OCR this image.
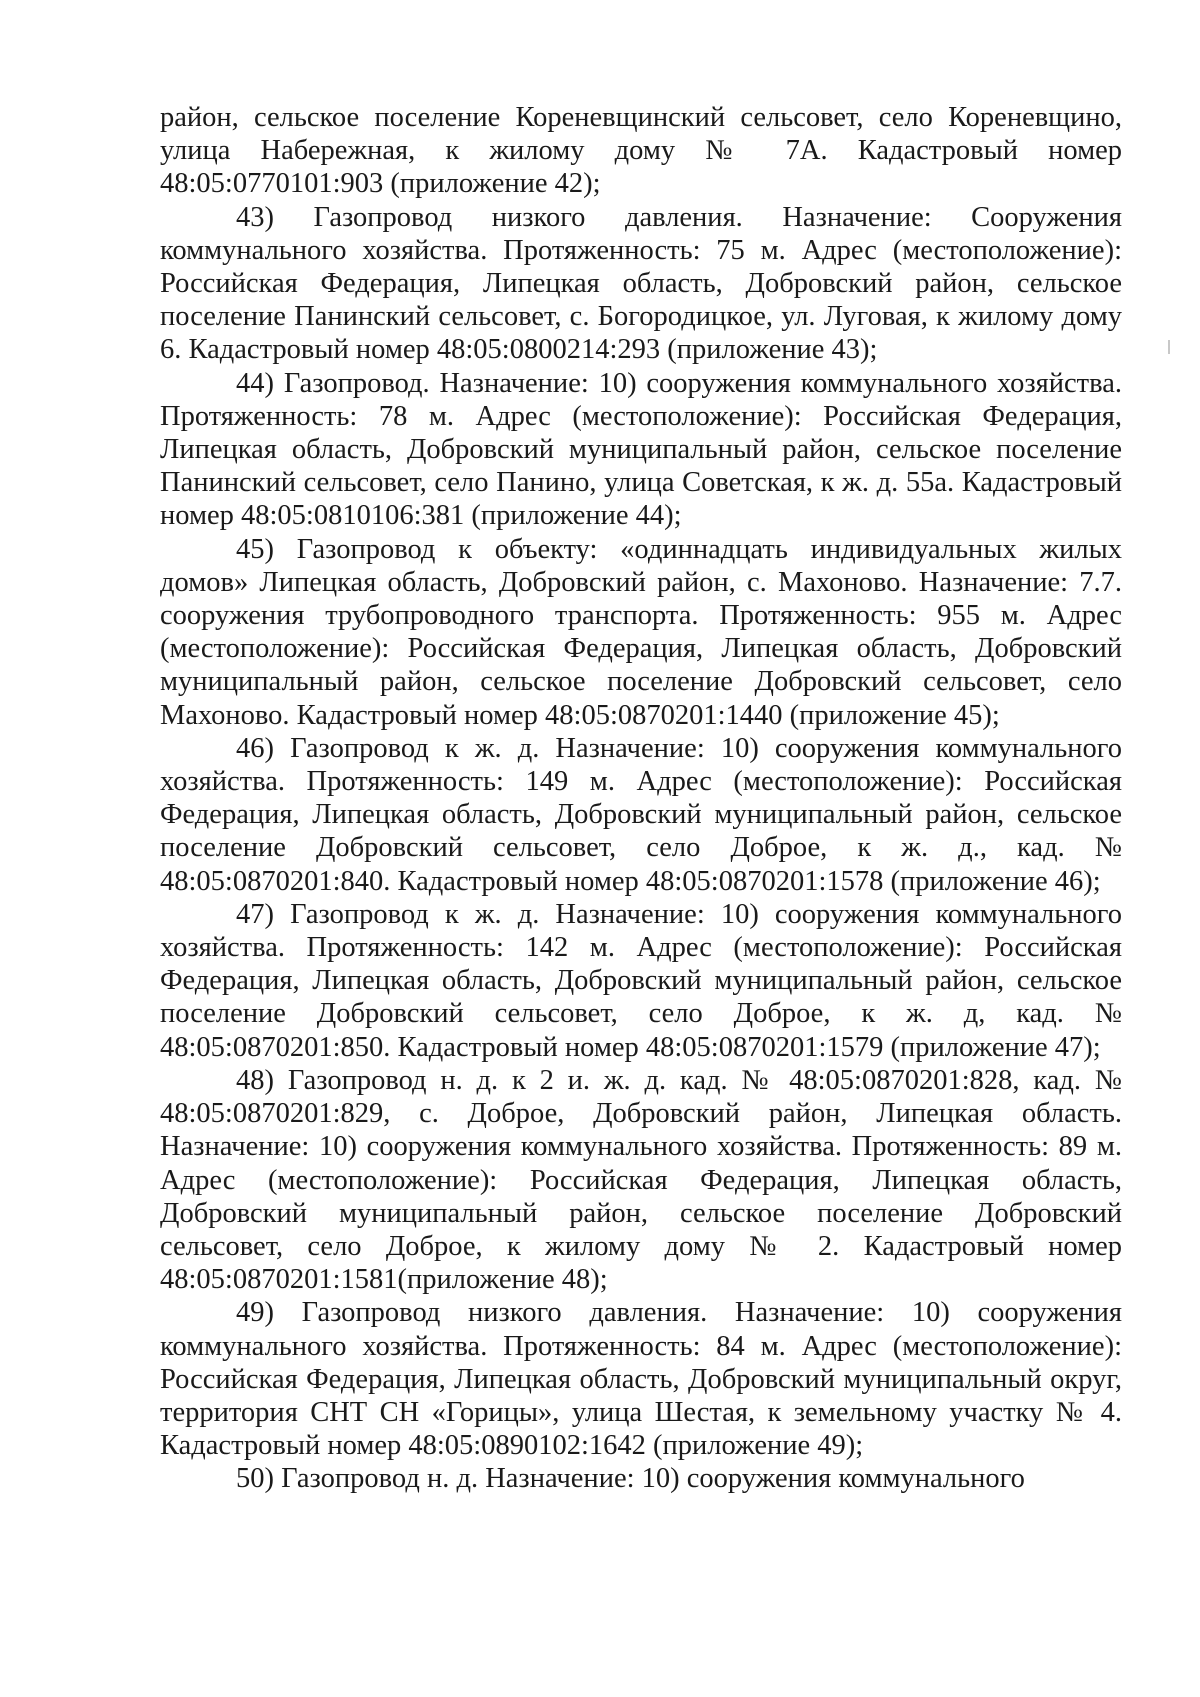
район, сельское поселение Кореневщинский сельсовет, село Кореневщино, улица Набережная, к жилому дому № 7А. Кадастровый номер 48:05:0770101:903 (приложение 42);

43) Газопровод низкого давления. Назначение: Сооружения коммунального хозяйства. Протяженность: 75 м. Адрес (местоположение): Российская Федерация, Липецкая область, Добровский район, сельское поселение Панинский сельсовет, с. Богородицкое, ул. Луговая, к жилому дому 6. Кадастровый номер 48:05:0800214:293 (приложение 43);

44) Газопровод. Назначение: 10) сооружения коммунального хозяйства. Протяженность: 78 м. Адрес (местоположение): Российская Федерация, Липецкая область, Добровский муниципальный район, сельское поселение Панинский сельсовет, село Панино, улица Советская, к ж. д. 55а. Кадастровый номер 48:05:0810106:381 (приложение 44);

45) Газопровод к объекту: «одиннадцать индивидуальных жилых домов» Липецкая область, Добровский район, с. Махоново. Назначение: 7.7. сооружения трубопроводного транспорта. Протяженность: 955 м. Адрес (местоположение): Российская Федерация, Липецкая область, Добровский муниципальный район, сельское поселение Добровский сельсовет, село Махоново. Кадастровый номер 48:05:0870201:1440 (приложение 45);

46) Газопровод к ж. д. Назначение: 10) сооружения коммунального хозяйства. Протяженность: 149 м. Адрес (местоположение): Российская Федерация, Липецкая область, Добровский муниципальный район, сельское поселение Добровский сельсовет, село Доброе, к ж. д., кад. № 48:05:0870201:840. Кадастровый номер 48:05:0870201:1578 (приложение 46);

47) Газопровод к ж. д. Назначение: 10) сооружения коммунального хозяйства. Протяженность: 142 м. Адрес (местоположение): Российская Федерация, Липецкая область, Добровский муниципальный район, сельское поселение Добровский сельсовет, село Доброе, к ж. д, кад. № 48:05:0870201:850. Кадастровый номер 48:05:0870201:1579 (приложение 47);

48) Газопровод н. д. к 2 и. ж. д. кад. № 48:05:0870201:828, кад. № 48:05:0870201:829, с. Доброе, Добровский район, Липецкая область. Назначение: 10) сооружения коммунального хозяйства. Протяженность: 89 м. Адрес (местоположение): Российская Федерация, Липецкая область, Добровский муниципальный район, сельское поселение Добровский сельсовет, село Доброе, к жилому дому № 2. Кадастровый номер 48:05:0870201:1581(приложение 48);

49) Газопровод низкого давления. Назначение: 10) сооружения коммунального хозяйства. Протяженность: 84 м. Адрес (местоположение): Российская Федерация, Липецкая область, Добровский муниципальный округ, территория СНТ СН «Горицы», улица Шестая, к земельному участку № 4. Кадастровый номер 48:05:0890102:1642 (приложение 49);

50) Газопровод н. д. Назначение: 10) сооружения коммунального
